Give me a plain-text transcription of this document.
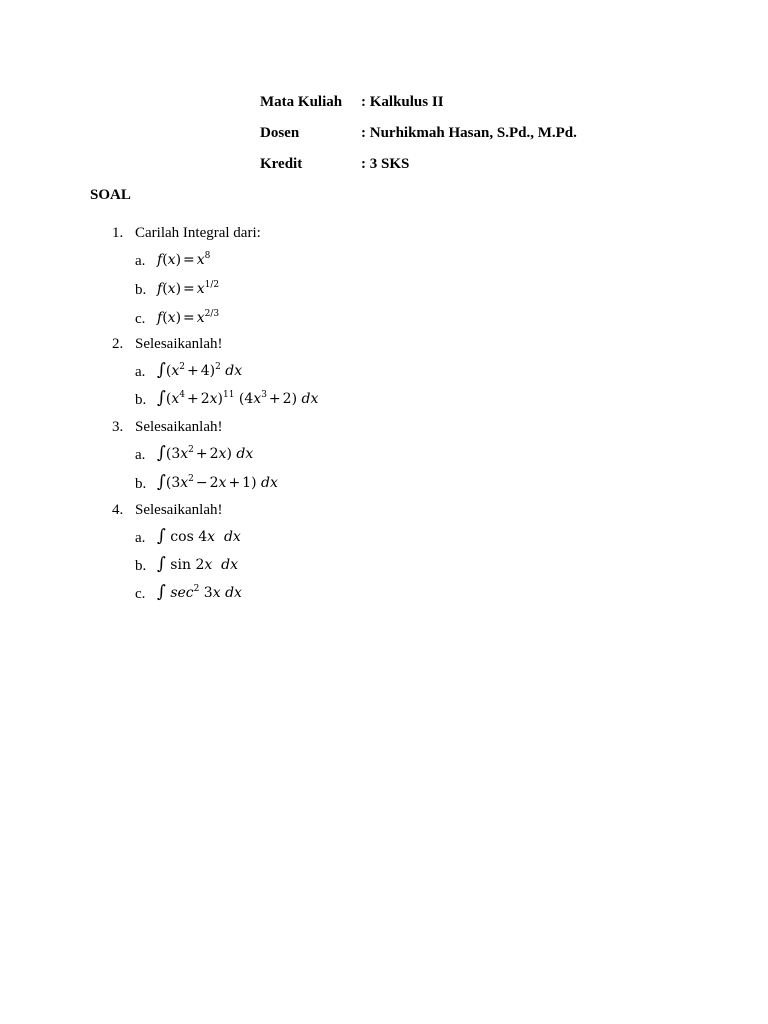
Mata Kuliah : Kalkulus II
Dosen	: Nurhikmah Hasan, S.Pd., M.Pd.
Kredit	: 3 SKS
SOAL
1. Carilah Integral dari:
a. $f(x) = x^8$
b. $f(x) = x^{1/2}$
c. $f(x) = x^{2/3}$
2. Selesaikanlah!
a. $\int(x^2 + 4)^2$ dx
b. $\int(x^4 + 2x)^{11}$ $(4x^3 + 2)$ dx
3. Selesaikanlah!
a. $\int(3x^2 + 2x)$ dx
b. $\int(3x^2 - 2x + 1)$ dx
4. Selesaikanlah!
a. ∫ cos 4x dx
b. ∫ sin 2x dx
c. ∫ $\sec^2 3x$ dx
